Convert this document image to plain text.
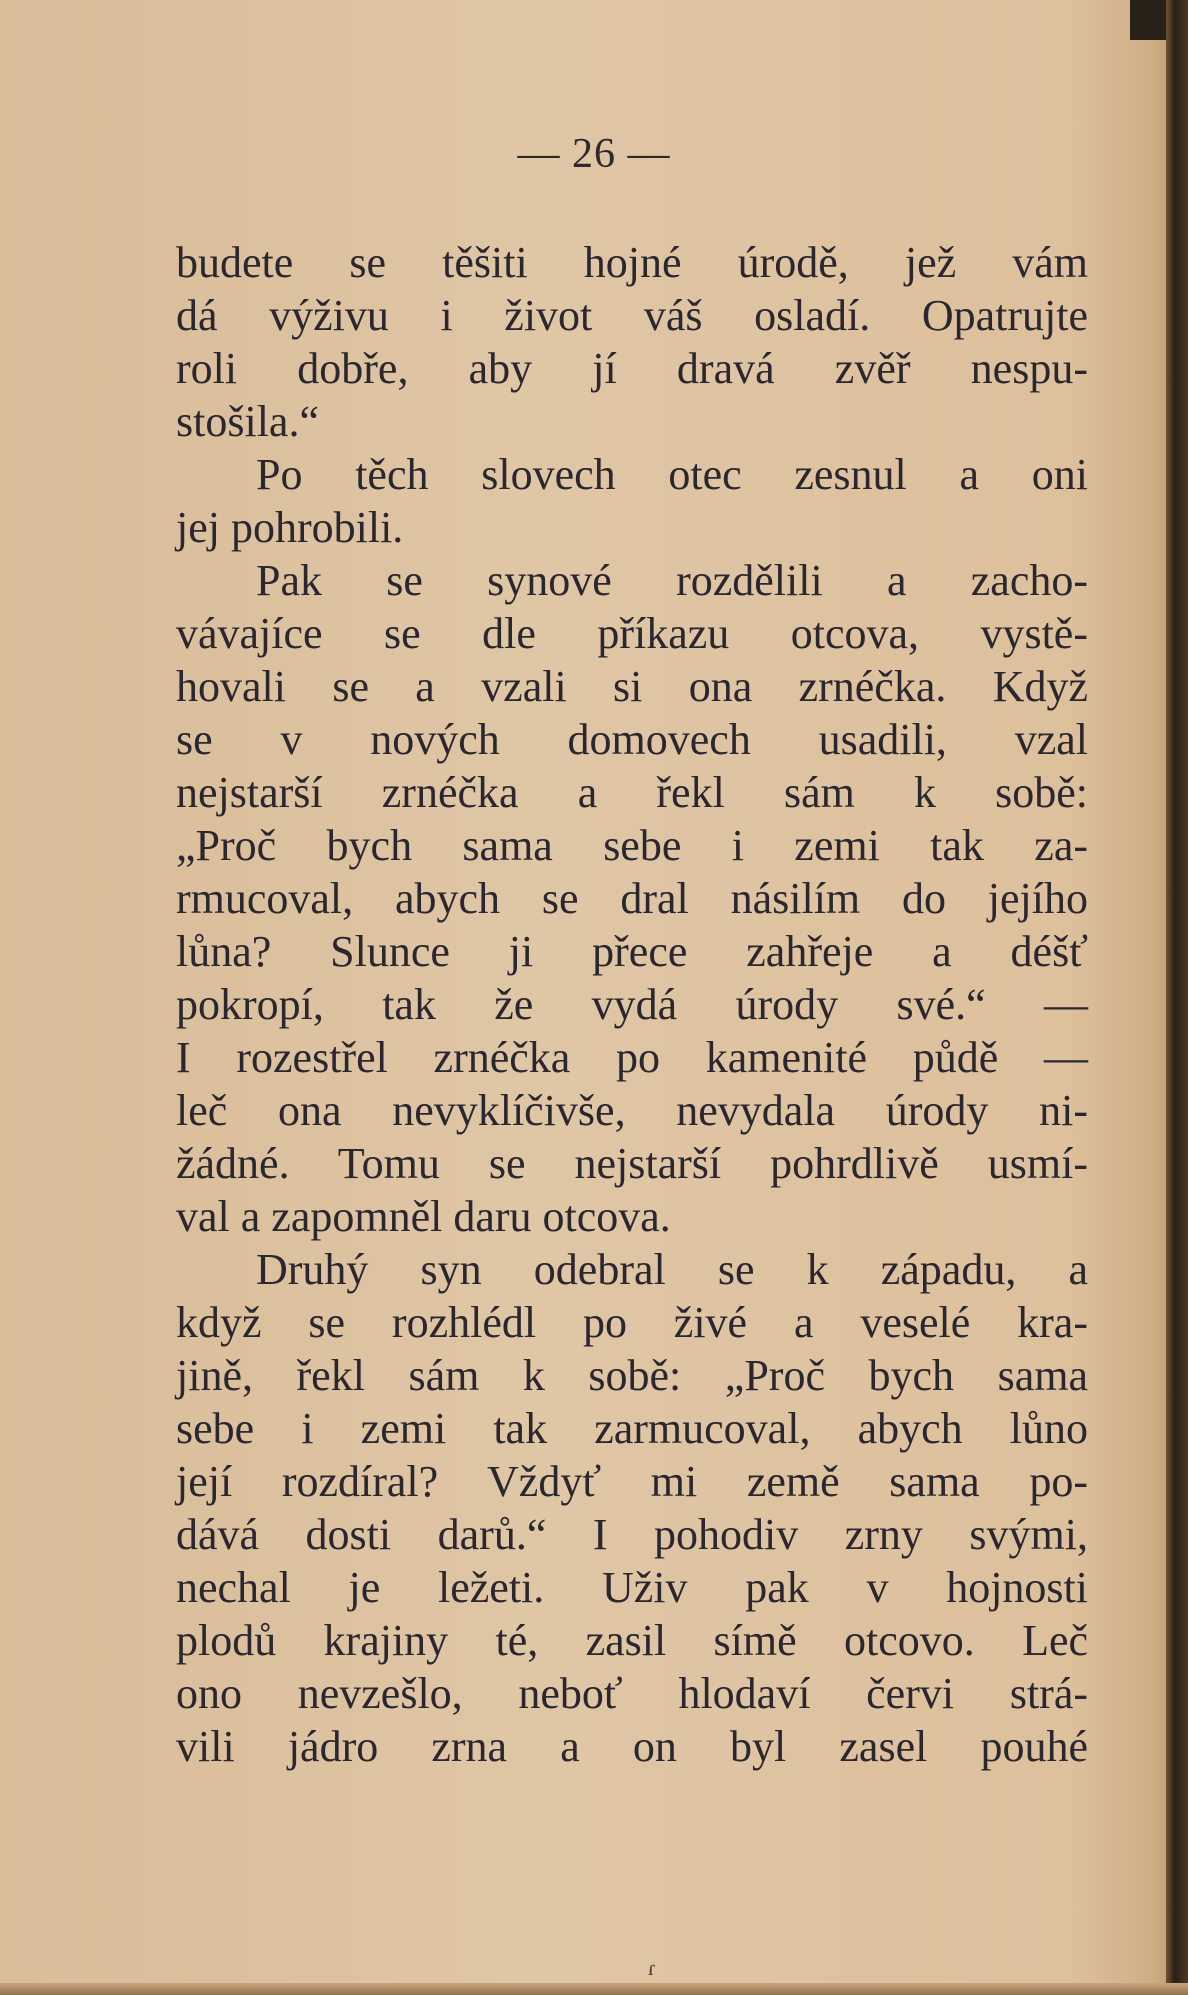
— 26 —
budete se těšiti hojné úrodě, jež vám
dá výživu i život váš osladí. Opatrujte
roli dobře, aby jí dravá zvěř nespu-
stošila.“
Po těch slovech otec zesnul a oni
jej pohrobili.
Pak se synové rozdělili a zacho-
vávajíce se dle příkazu otcova, vystě-
hovali se a vzali si ona zrnéčka. Když
se v nových domovech usadili, vzal
nejstarší zrnéčka a řekl sám k sobě:
„Proč bych sama sebe i zemi tak za-
rmucoval, abych se dral násilím do jejího
lůna? Slunce ji přece zahřeje a déšť
pokropí, tak že vydá úrody své.“ —
I rozestřel zrnéčka po kamenité půdě —
leč ona nevyklíčivše, nevydala úrody ni-
žádné. Tomu se nejstarší pohrdlivě usmí-
val a zapomněl daru otcova.
Druhý syn odebral se k západu, a
když se rozhlédl po živé a veselé kra-
jině, řekl sám k sobě: „Proč bych sama
sebe i zemi tak zarmucoval, abych lůno
její rozdíral? Vždyť mi země sama po-
dává dosti darů.“ I pohodiv zrny svými,
nechal je ležeti. Uživ pak v hojnosti
plodů krajiny té, zasil símě otcovo. Leč
ono nevzešlo, neboť hlodaví červi strá-
vili jádro zrna a on byl zasel pouhé
ɾ
